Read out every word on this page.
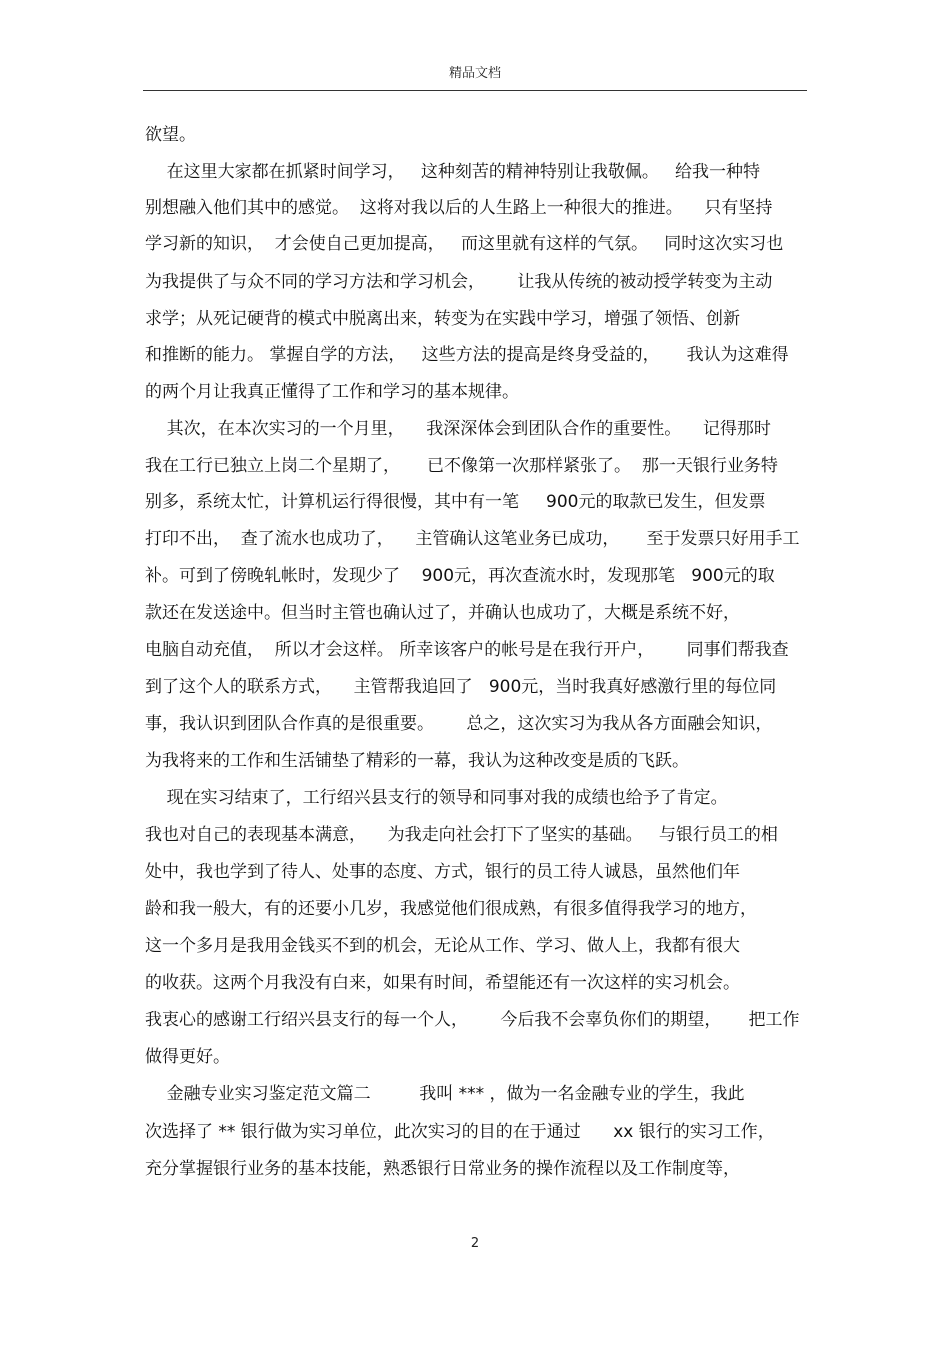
精品文档
欲望。
在这里大家都在抓紧时间学习，   这种刻苦的精神特别让我敬佩。   给我一种特
别想融入他们其中的感觉。  这将对我以后的人生路上一种很大的推进。    只有坚持
学习新的知识，  才会使自己更加提高，   而这里就有这样的气氛。   同时这次实习也
为我提供了与众不同的学习方法和学习机会，      让我从传统的被动授学转变为主动
求学；从死记硬背的模式中脱离出来，转变为在实践中学习，增强了领悟、创新
和推断的能力。 掌握自学的方法，   这些方法的提高是终身受益的，     我认为这难得
的两个月让我真正懂得了工作和学习的基本规律。
其次，在本次实习的一个月里，    我深深体会到团队合作的重要性。    记得那时
我在工行已独立上岗二个星期了，     已不像第一次那样紧张了。  那一天银行业务特
别多，系统太忙，计算机运行得很慢，其中有一笔     900元的取款已发生，但发票
打印不出，  查了流水也成功了，    主管确认这笔业务已成功，     至于发票只好用手工
补。可到了傍晚轧帐时，发现少了    900元，再次查流水时，发现那笔   900元的取
款还在发送途中。但当时主管也确认过了，并确认也成功了，大概是系统不好，
电脑自动充值，  所以才会这样。 所幸该客户的帐号是在我行开户，      同事们帮我查
到了这个人的联系方式，    主管帮我追回了   900元，当时我真好感激行里的每位同
事，我认识到团队合作真的是很重要。      总之，这次实习为我从各方面融会知识，
为我将来的工作和生活铺垫了精彩的一幕，我认为这种改变是质的飞跃。
现在实习结束了，工行绍兴县支行的领导和同事对我的成绩也给予了肯定。
我也对自己的表现基本满意，    为我走向社会打下了坚实的基础。   与银行员工的相
处中，我也学到了待人、处事的态度、方式，银行的员工待人诚恳，虽然他们年
龄和我一般大，有的还要小几岁，我感觉他们很成熟，有很多值得我学习的地方，
这一个多月是我用金钱买不到的机会，无论从工作、学习、做人上，我都有很大
的收获。这两个月我没有白来，如果有时间，希望能还有一次这样的实习机会。
我衷心的感谢工行绍兴县支行的每一个人，      今后我不会辜负你们的期望，     把工作
做得更好。
金融专业实习鉴定范文篇二         我叫 *** ，做为一名金融专业的学生，我此
次选择了 ** 银行做为实习单位，此次实习的目的在于通过      xx 银行的实习工作，
充分掌握银行业务的基本技能，熟悉银行日常业务的操作流程以及工作制度等，
2
